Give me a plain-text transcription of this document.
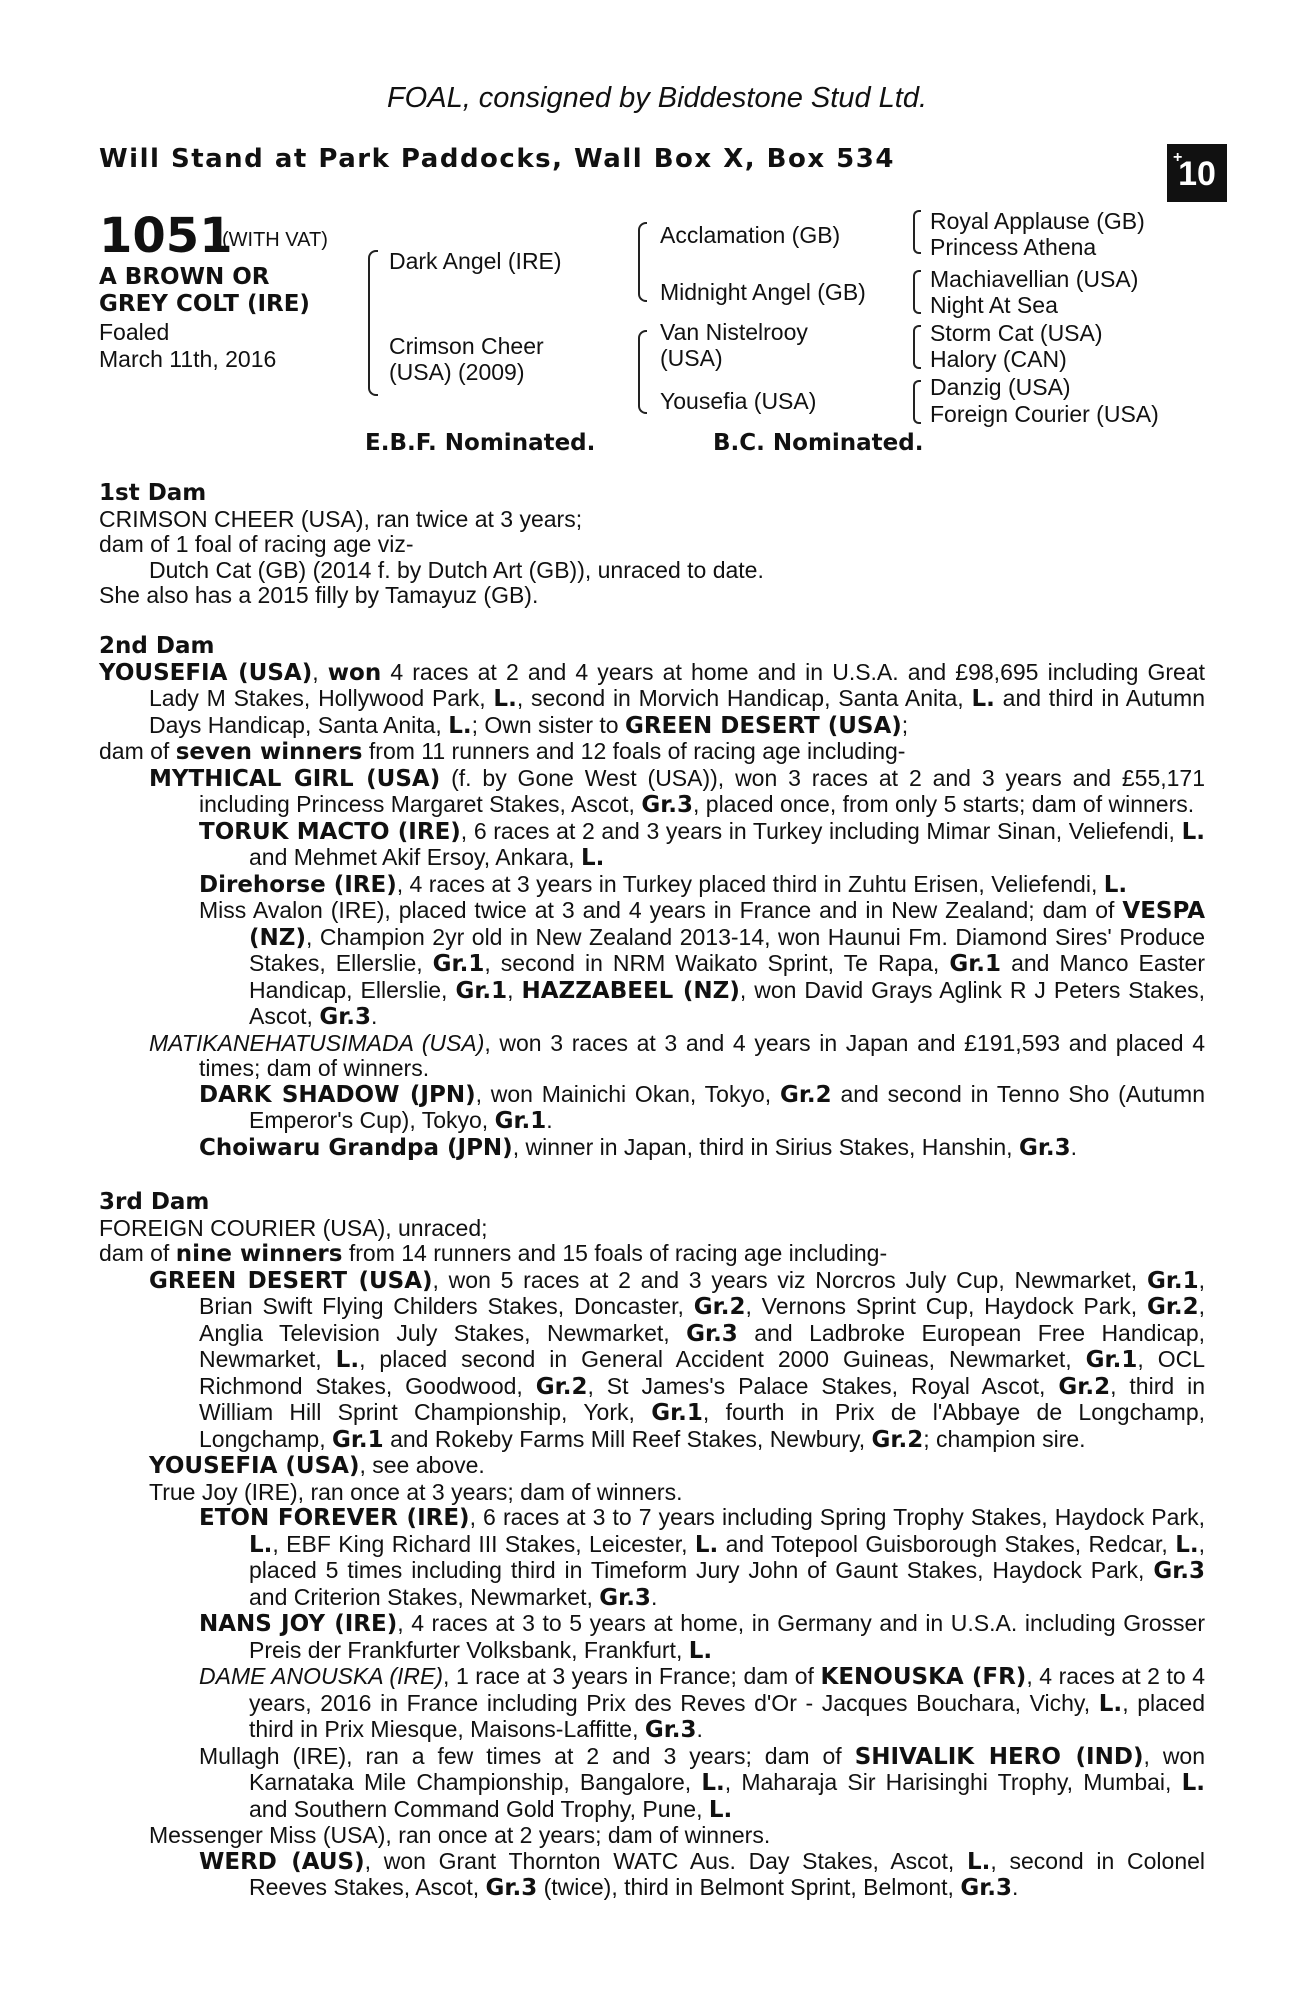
FOAL, consigned by Biddestone Stud Ltd.
Will Stand at Park Paddocks, Wall Box X, Box 534	+
10
1051
(WITH VAT)
A BROWN OR
GREY COLT (IRE)
Foaled
March 11th, 2016
Dark Angel (IRE)
Crimson Cheer (USA) (2009)
Acclamation (GB)
Midnight Angel (GB)
Van Nistelrooy (USA)
Yousefia (USA)
Royal Applause (GB)
Princess Athena
Machiavellian (USA)
Night At Sea
Storm Cat (USA)
Halory (CAN)
Danzig (USA)
Foreign Courier (USA)
E.B.F. Nominated.	B.C. Nominated.

1st Dam

CRIMSON CHEER (USA), ran twice at 3 years;

dam of 1 foal of racing age viz-

Dutch Cat (GB) (2014 f. by Dutch Art (GB)), unraced to date.

She also has a 2015 filly by Tamayuz (GB).

2nd Dam

YOUSEFIA (USA), won 4 races at 2 and 4 years at home and in U.S.A. and £98,695 including Great Lady M Stakes, Hollywood Park, L., second in Morvich Handicap, Santa Anita, L. and third in Autumn Days Handicap, Santa Anita, L.; Own sister to GREEN DESERT (USA);

dam of seven winners from 11 runners and 12 foals of racing age including-

MYTHICAL GIRL (USA) (f. by Gone West (USA)), won 3 races at 2 and 3 years and £55,171 including Princess Margaret Stakes, Ascot, Gr.3, placed once, from only 5 starts; dam of winners.

TORUK MACTO (IRE), 6 races at 2 and 3 years in Turkey including Mimar Sinan, Veliefendi, L. and Mehmet Akif Ersoy, Ankara, L.

Direhorse (IRE), 4 races at 3 years in Turkey placed third in Zuhtu Erisen, Veliefendi, L.

Miss Avalon (IRE), placed twice at 3 and 4 years in France and in New Zealand; dam of VESPA (NZ), Champion 2yr old in New Zealand 2013-14, won Haunui Fm. Diamond Sires' Produce Stakes, Ellerslie, Gr.1, second in NRM Waikato Sprint, Te Rapa, Gr.1 and Manco Easter Handicap, Ellerslie, Gr.1, HAZZABEEL (NZ), won David Grays Aglink R J Peters Stakes, Ascot, Gr.3.

MATIKANEHATUSIMADA (USA), won 3 races at 3 and 4 years in Japan and £191,593 and placed 4 times; dam of winners.

DARK SHADOW (JPN), won Mainichi Okan, Tokyo, Gr.2 and second in Tenno Sho (Autumn Emperor's Cup), Tokyo, Gr.1.

Choiwaru Grandpa (JPN), winner in Japan, third in Sirius Stakes, Hanshin, Gr.3.

3rd Dam

FOREIGN COURIER (USA), unraced;

dam of nine winners from 14 runners and 15 foals of racing age including-

GREEN DESERT (USA), won 5 races at 2 and 3 years viz Norcros July Cup, Newmarket, Gr.1, Brian Swift Flying Childers Stakes, Doncaster, Gr.2, Vernons Sprint Cup, Haydock Park, Gr.2, Anglia Television July Stakes, Newmarket, Gr.3 and Ladbroke European Free Handicap, Newmarket, L., placed second in General Accident 2000 Guineas, Newmarket, Gr.1, OCL Richmond Stakes, Goodwood, Gr.2, St James's Palace Stakes, Royal Ascot, Gr.2, third in William Hill Sprint Championship, York, Gr.1, fourth in Prix de l'Abbaye de Longchamp, Longchamp, Gr.1 and Rokeby Farms Mill Reef Stakes, Newbury, Gr.2; champion sire.

YOUSEFIA (USA), see above.

True Joy (IRE), ran once at 3 years; dam of winners.

ETON FOREVER (IRE), 6 races at 3 to 7 years including Spring Trophy Stakes, Haydock Park, L., EBF King Richard III Stakes, Leicester, L. and Totepool Guisborough Stakes, Redcar, L., placed 5 times including third in Timeform Jury John of Gaunt Stakes, Haydock Park, Gr.3 and Criterion Stakes, Newmarket, Gr.3.

NANS JOY (IRE), 4 races at 3 to 5 years at home, in Germany and in U.S.A. including Grosser Preis der Frankfurter Volksbank, Frankfurt, L.

DAME ANOUSKA (IRE), 1 race at 3 years in France; dam of KENOUSKA (FR), 4 races at 2 to 4 years, 2016 in France including Prix des Reves d'Or - Jacques Bouchara, Vichy, L., placed third in Prix Miesque, Maisons-Laffitte, Gr.3.

Mullagh (IRE), ran a few times at 2 and 3 years; dam of SHIVALIK HERO (IND), won Karnataka Mile Championship, Bangalore, L., Maharaja Sir Harisinghi Trophy, Mumbai, L. and Southern Command Gold Trophy, Pune, L.

Messenger Miss (USA), ran once at 2 years; dam of winners.

WERD (AUS), won Grant Thornton WATC Aus. Day Stakes, Ascot, L., second in Colonel Reeves Stakes, Ascot, Gr.3 (twice), third in Belmont Sprint, Belmont, Gr.3.
